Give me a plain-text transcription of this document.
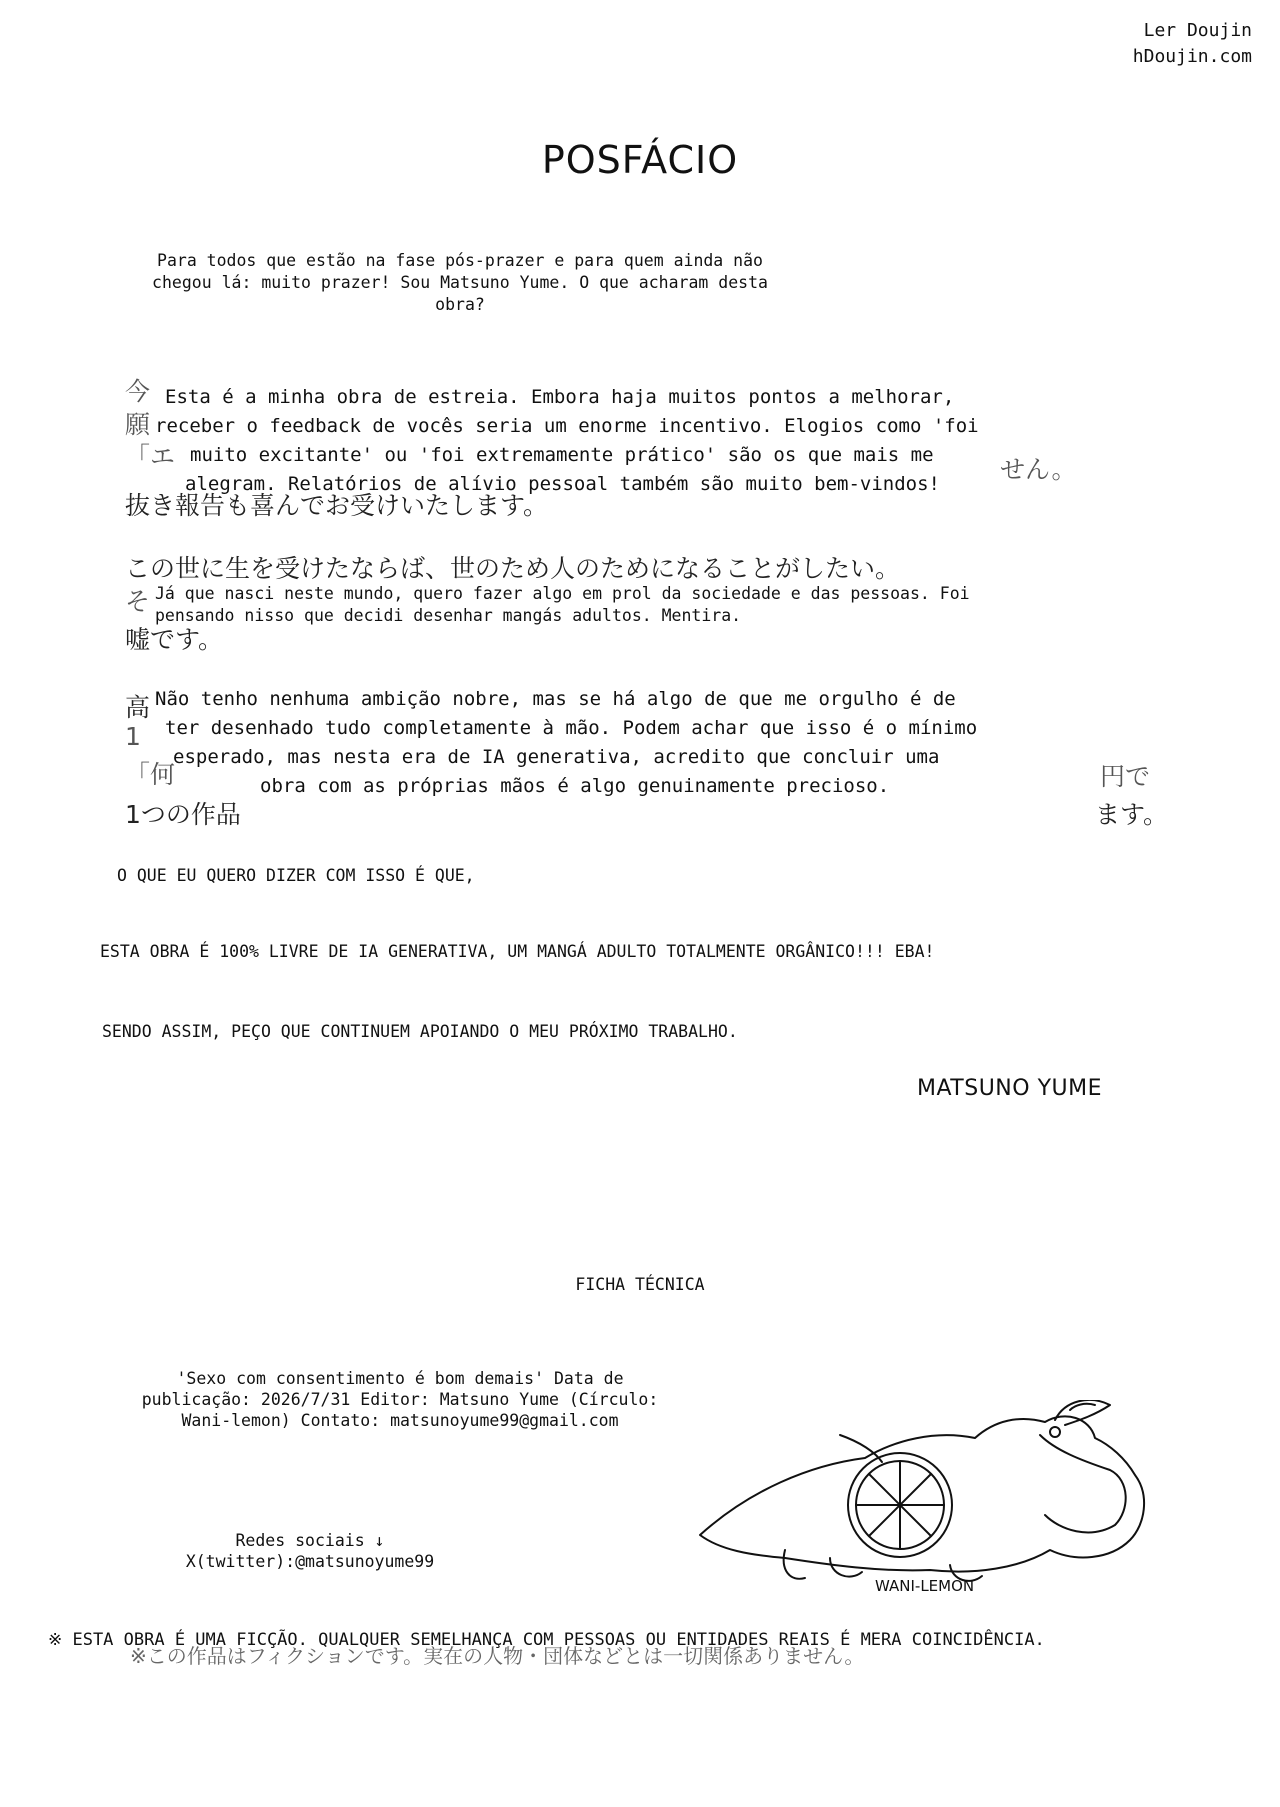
Ler Doujin
hDoujin.com
POSFÁCIO
Para todos que estão na fase pós-prazer e para quem ainda não chegou lá: muito prazer! Sou Matsuno Yume. O que acharam desta obra?
今
願
「エ	せん。
抜き報告も喜んでお受けいたします。
この世に生を受けたならば、世のため人のためになることがしたい。
そ
嘘です。
高
1
「何	円で
1つの作品	ます。
Esta é a minha obra de estreia. Embora haja muitos pontos a melhorar,
receber o feedback de vocês seria um enorme incentivo. Elogios como 'foi
muito excitante' ou 'foi extremamente prático' são os que mais me
alegram. Relatórios de alívio pessoal também são muito bem-vindos!
Já que nasci neste mundo, quero fazer algo em prol da sociedade e das pessoas. Foi pensando nisso que decidi desenhar mangás adultos. Mentira.
Não tenho nenhuma ambição nobre, mas se há algo de que me orgulho é de
ter desenhado tudo completamente à mão. Podem achar que isso é o mínimo
esperado, mas nesta era de IA generativa, acredito que concluir uma
obra com as próprias mãos é algo genuinamente precioso.
O QUE EU QUERO DIZER COM ISSO É QUE,
ESTA OBRA É 100% LIVRE DE IA GENERATIVA, UM MANGÁ ADULTO TOTALMENTE ORGÂNICO!!! EBA!
SENDO ASSIM, PEÇO QUE CONTINUEM APOIANDO O MEU PRÓXIMO TRABALHO.
MATSUNO YUME
FICHA TÉCNICA
'Sexo com consentimento é bom demais' Data de publicação: 2026/7/31 Editor: Matsuno Yume (Círculo: Wani-lemon) Contato: matsunoyume99@gmail.com
Redes sociais ↓
X(twitter):@matsunoyume99
WANI-LEMON
※この作品はフィクションです。実在の人物・団体などとは一切関係ありません。
※ ESTA OBRA É UMA FICÇÃO. QUALQUER SEMELHANÇA COM PESSOAS OU ENTIDADES REAIS É MERA COINCIDÊNCIA.
